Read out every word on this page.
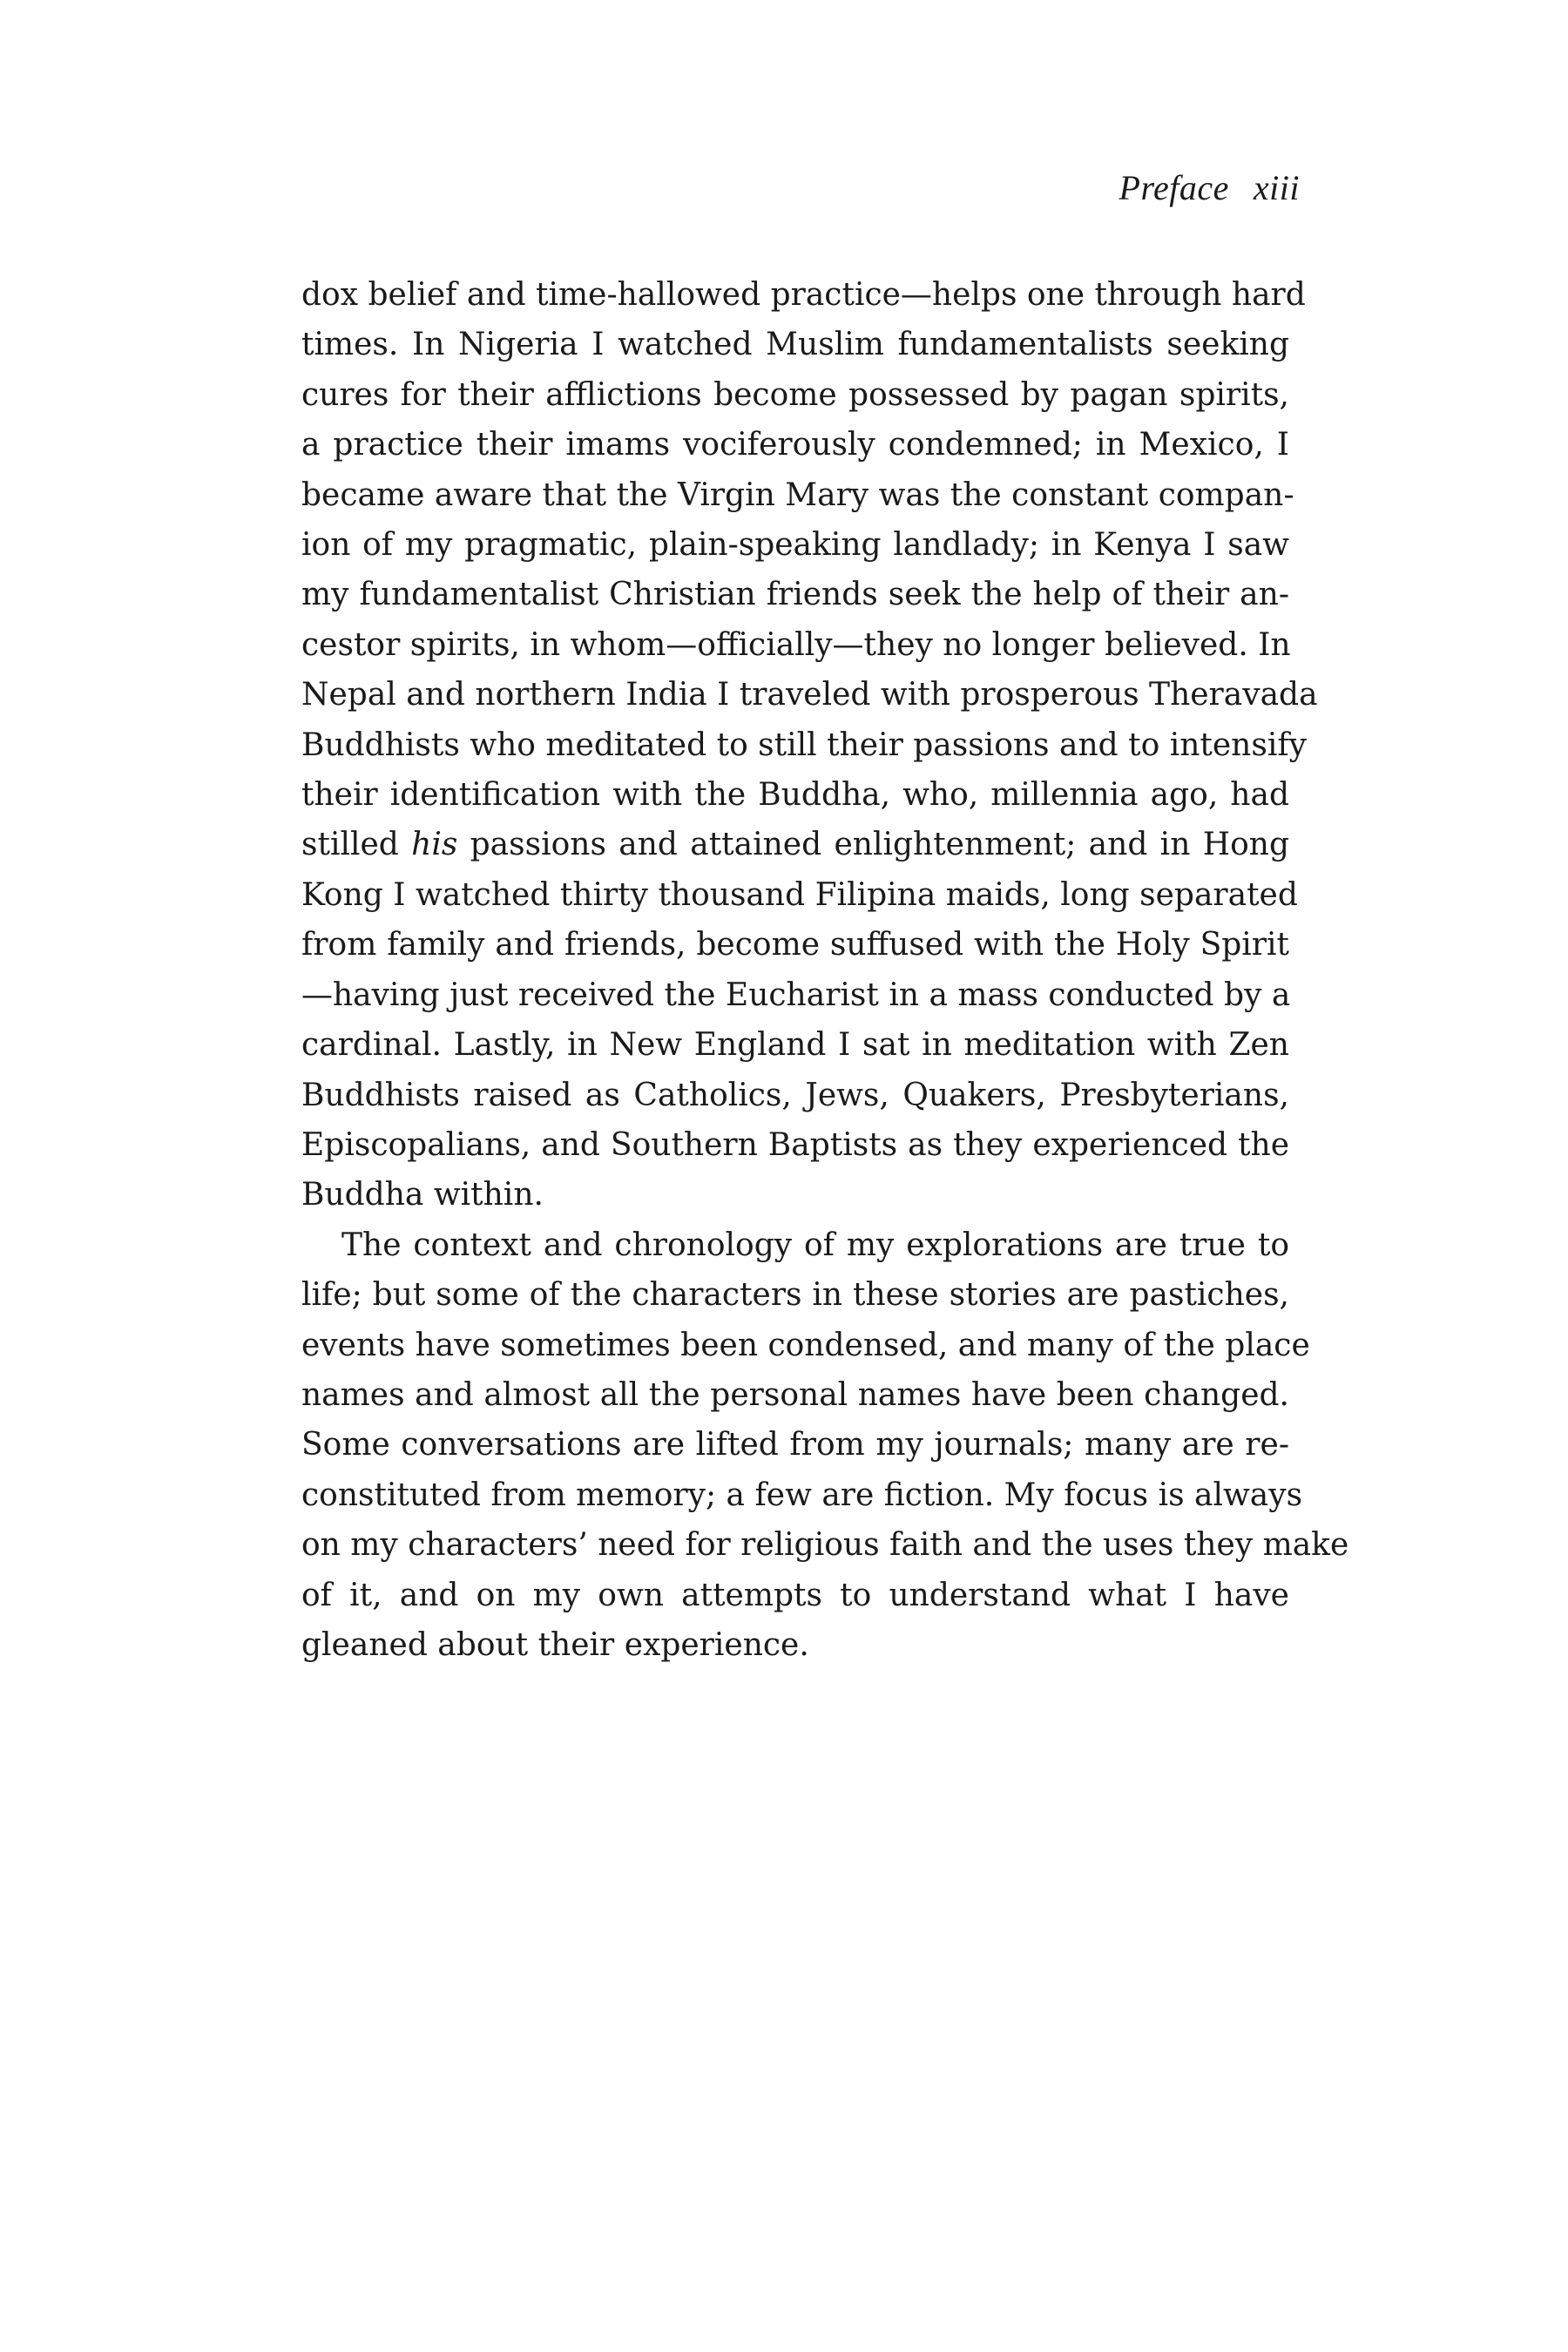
Preface xiii

dox belief and time-hallowed practice—helps one through hard
times. In Nigeria I watched Muslim fundamentalists seeking
cures for their afflictions become possessed by pagan spirits,
a practice their imams vociferously condemned; in Mexico, I
became aware that the Virgin Mary was the constant compan-
ion of my pragmatic, plain-speaking landlady; in Kenya I saw
my fundamentalist Christian friends seek the help of their an-
cestor spirits, in whom—officially—they no longer believed. In
Nepal and northern India I traveled with prosperous Theravada
Buddhists who meditated to still their passions and to intensify
their identification with the Buddha, who, millennia ago, had
stilled his passions and attained enlightenment; and in Hong
Kong I watched thirty thousand Filipina maids, long separated
from family and friends, become suffused with the Holy Spirit
—having just received the Eucharist in a mass conducted by a
cardinal. Lastly, in New England I sat in meditation with Zen
Buddhists raised as Catholics, Jews, Quakers, Presbyterians,
Episcopalians, and Southern Baptists as they experienced the
Buddha within.

The context and chronology of my explorations are true to
life; but some of the characters in these stories are pastiches,
events have sometimes been condensed, and many of the place
names and almost all the personal names have been changed.
Some conversations are lifted from my journals; many are re-
constituted from memory; a few are fiction. My focus is always
on my characters’ need for religious faith and the uses they make
of it, and on my own attempts to understand what I have
gleaned about their experience.
